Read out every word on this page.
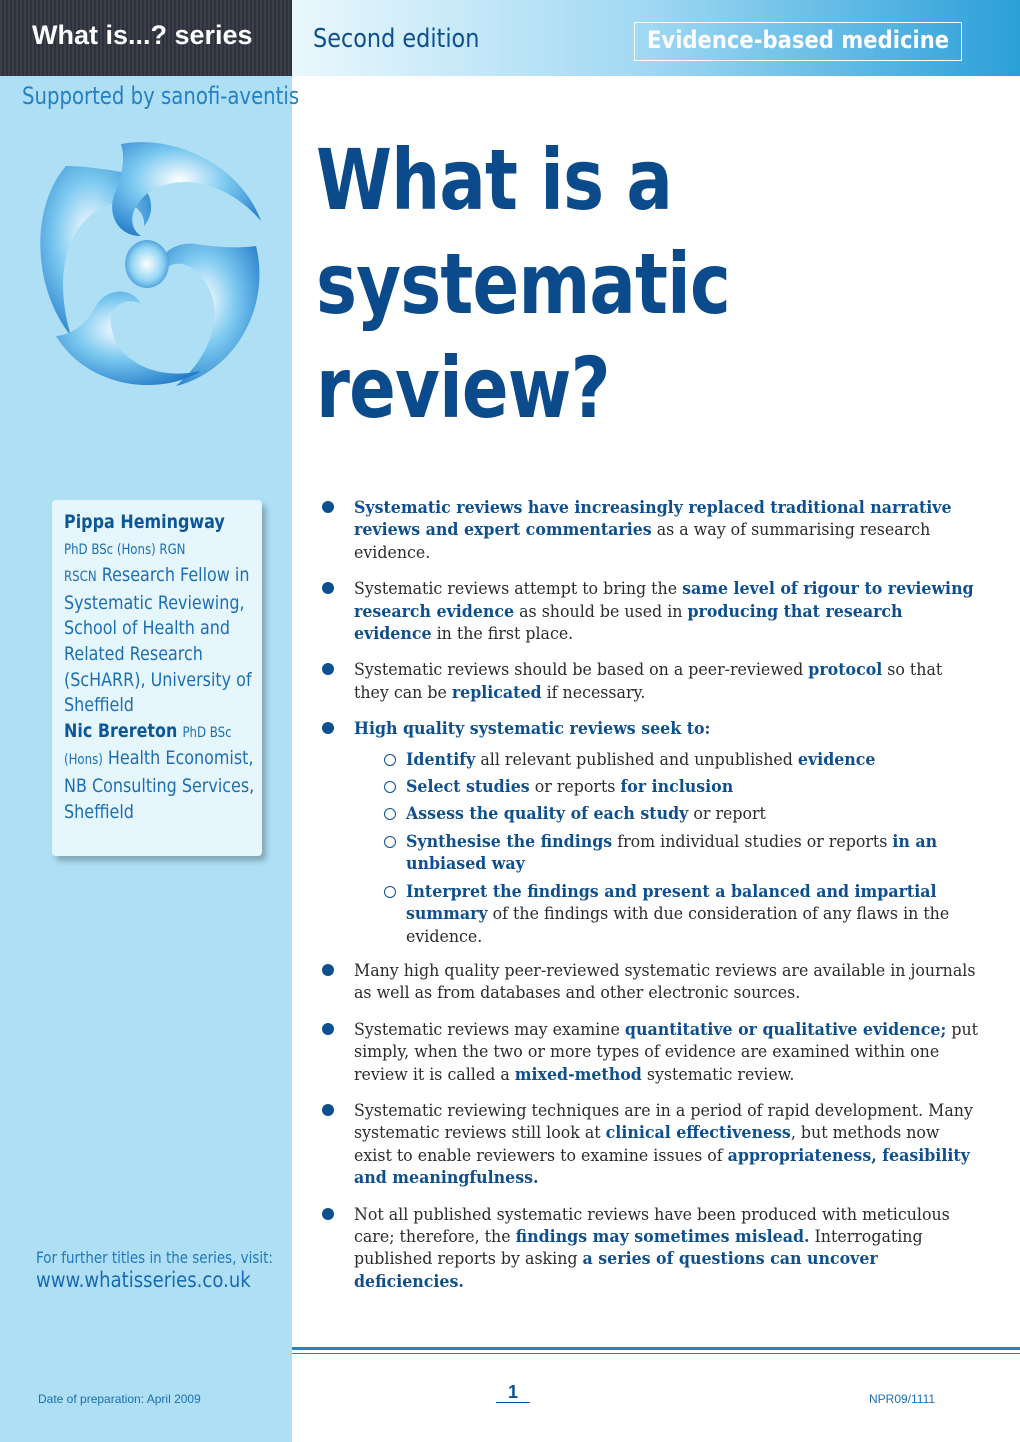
What is...? series Second edition	Evidence-based medicine
Supported by sanofi-aventis
What is a
systematic
review?
Pippa Hemingway
PhD BSc (Hons) RGN
RSCN Research Fellow in Systematic Reviewing, School of Health and Related Research (ScHARR), University of Sheffield
Nic Brereton PhD BSc
(Hons) Health Economist, NB Consulting Services, Sheffield
For further titles in the series, visit:
www.whatisseries.co.uk
Systematic reviews have increasingly replaced traditional narrative reviews and expert commentaries as a way of summarising research evidence.
Systematic reviews attempt to bring the same level of rigour to reviewing research evidence as should be used in producing that research evidence in the first place.
Systematic reviews should be based on a peer-reviewed protocol so that they can be replicated if necessary.
High quality systematic reviews seek to:
Identify all relevant published and unpublished evidence
Select studies or reports for inclusion
Assess the quality of each study or report
Synthesise the findings from individual studies or reports in an unbiased way
Interpret the findings and present a balanced and impartial summary of the findings with due consideration of any flaws in the evidence.
Many high quality peer-reviewed systematic reviews are available in journals as well as from databases and other electronic sources.
Systematic reviews may examine quantitative or qualitative evidence; put simply, when the two or more types of evidence are examined within one review it is called a mixed-method systematic review.
Systematic reviewing techniques are in a period of rapid development. Many systematic reviews still look at clinical effectiveness, but methods now exist to enable reviewers to examine issues of appropriateness, feasibility and meaningfulness.
Not all published systematic reviews have been produced with meticulous care; therefore, the findings may sometimes mislead. Interrogating published reports by asking a series of questions can uncover deficiencies.
Date of preparation: April 2009	1	NPR09/1111
